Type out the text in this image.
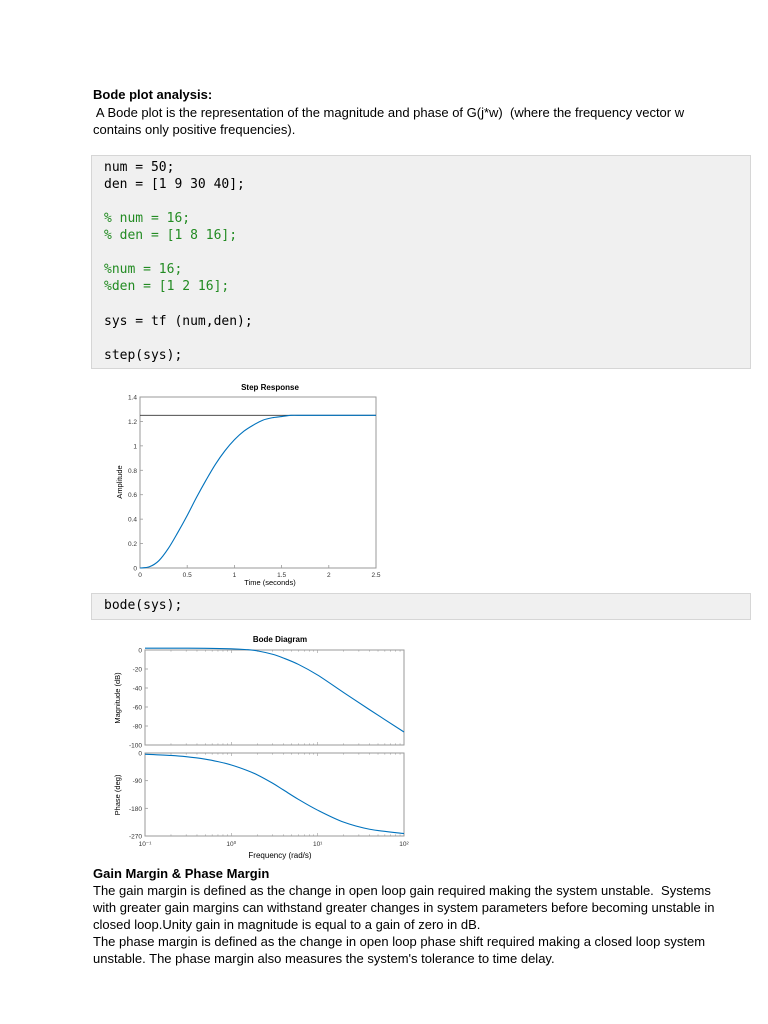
Bode plot analysis:
A Bode plot is the representation of the magnitude and phase of G(j*w)  (where the frequency vector w
contains only positive frequencies).
num = 50;
den = [1 9 30 40];
% num = 16;
% den = [1 8 16];
%num = 16;
%den = [1 2 16];
sys = tf (num,den);
step(sys);
Step Response
0
0.2
0.4
0.6
0.8
1
1.2
1.4
0	0.5	1	1.5	2	2.5
Amplitude
Time (seconds)
bode(sys);
Bode Diagram
0
-20
-40
-60
-80
-100
0
-90
-180
-270
10⁻¹	10⁰	10¹	10²
Magnitude (dB)
Phase (deg)
Frequency (rad/s)
Gain Margin & Phase Margin
The gain margin is defined as the change in open loop gain required making the system unstable.  Systems
with greater gain margins can withstand greater changes in system parameters before becoming unstable in
closed loop.Unity gain in magnitude is equal to a gain of zero in dB.
The phase margin is defined as the change in open loop phase shift required making a closed loop system
unstable. The phase margin also measures the system's tolerance to time delay.
